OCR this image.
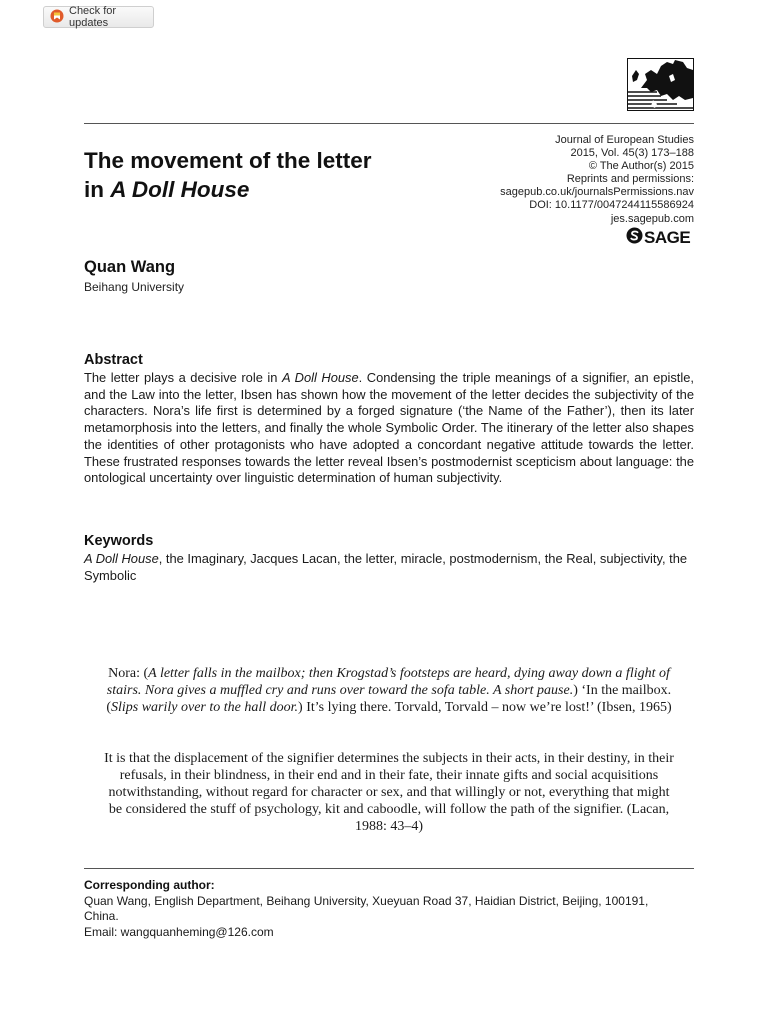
Check for updates
The movement of the letter
in A Doll House
Journal of European Studies
2015, Vol. 45(3) 173–188
© The Author(s) 2015
Reprints and permissions:
sagepub.co.uk/journalsPermissions.nav
DOI: 10.1177/0047244115586924
jes.sagepub.com
SAGE
Quan Wang
Beihang University
Abstract

The letter plays a decisive role in A Doll House. Condensing the triple meanings of a signifier, an epistle, and the Law into the letter, Ibsen has shown how the movement of the letter decides the subjectivity of the characters. Nora’s life first is determined by a forged signature (‘the Name of the Father’), then its later metamorphosis into the letters, and finally the whole Symbolic Order. The itinerary of the letter also shapes the identities of other protagonists who have adopted a concordant negative attitude towards the letter. These frustrated responses towards the letter reveal Ibsen’s postmodernist scepticism about language: the ontological uncertainty over linguistic determination of human subjectivity.

Keywords

A Doll House, the Imaginary, Jacques Lacan, the letter, miracle, postmodernism, the Real, subjectivity, the Symbolic

Nora: (A letter falls in the mailbox; then Krogstad’s footsteps are heard, dying away down a flight of stairs. Nora gives a muffled cry and runs over toward the sofa table. A short pause.) ‘In the mailbox. (Slips warily over to the hall door.) It’s lying there. Torvald, Torvald – now we’re lost!’ (Ibsen, 1965)

It is that the displacement of the signifier determines the subjects in their acts, in their destiny, in their refusals, in their blindness, in their end and in their fate, their innate gifts and social acquisitions notwithstanding, without regard for character or sex, and that willingly or not, everything that might be considered the stuff of psychology, kit and caboodle, will follow the path of the signifier. (Lacan, 1988: 43–4)

Corresponding author:

Quan Wang, English Department, Beihang University, Xueyuan Road 37, Haidian District, Beijing, 100191, China.
Email: wangquanheming@126.com
